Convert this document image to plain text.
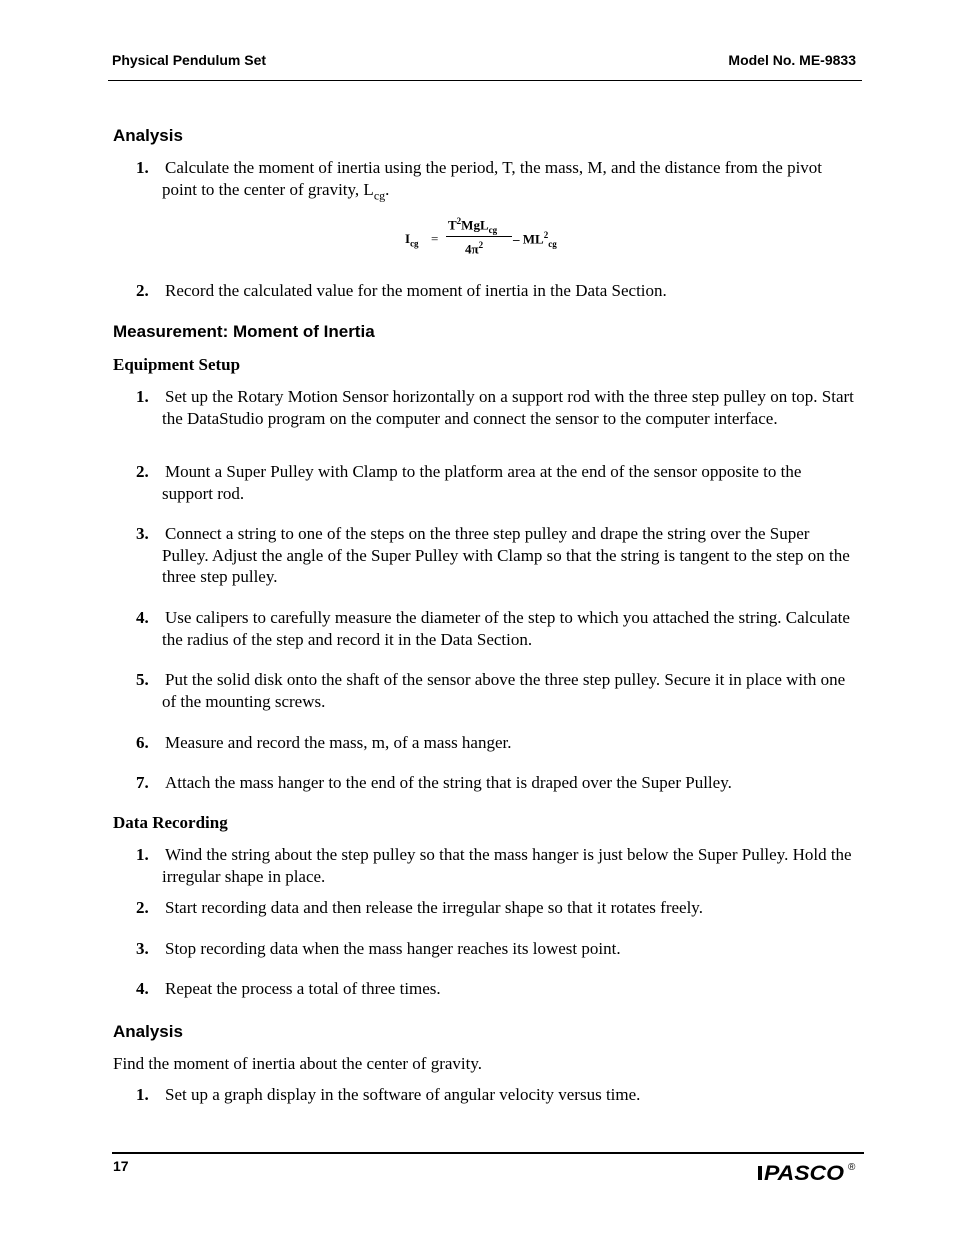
Physical Pendulum Set	Model No. ME-9833
Analysis
1. Calculate the moment of inertia using the period, T, the mass, M, and the distance from the pivot point to the center of gravity, $L_{cg}$.
$I_{cg}$ =
$T^2MgL_{cg}$
$4\pi^2 - ML^2_{cg}$
2. Record the calculated value for the moment of inertia in the Data Section.
Measurement: Moment of Inertia
Equipment Setup
1. Set up the Rotary Motion Sensor horizontally on a support rod with the three step pulley on top. Start the DataStudio program on the computer and connect the sensor to the computer interface.
2. Mount a Super Pulley with Clamp to the platform area at the end of the sensor opposite to the support rod.
3. Connect a string to one of the steps on the three step pulley and drape the string over the Super Pulley. Adjust the angle of the Super Pulley with Clamp so that the string is tangent to the step on the three step pulley.
4. Use calipers to carefully measure the diameter of the step to which you attached the string. Calculate the radius of the step and record it in the Data Section.
5. Put the solid disk onto the shaft of the sensor above the three step pulley. Secure it in place with one of the mounting screws.
6. Measure and record the mass, m, of a mass hanger.
7. Attach the mass hanger to the end of the string that is draped over the Super Pulley.
Data Recording
1. Wind the string about the step pulley so that the mass hanger is just below the Super Pulley. Hold the irregular shape in place.
2. Start recording data and then release the irregular shape so that it rotates freely.
3. Stop recording data when the mass hanger reaches its lowest point.
4. Repeat the process a total of three times.
Analysis
Find the moment of inertia about the center of gravity.
1. Set up a graph display in the software of angular velocity versus time.
17	PASCO ®
